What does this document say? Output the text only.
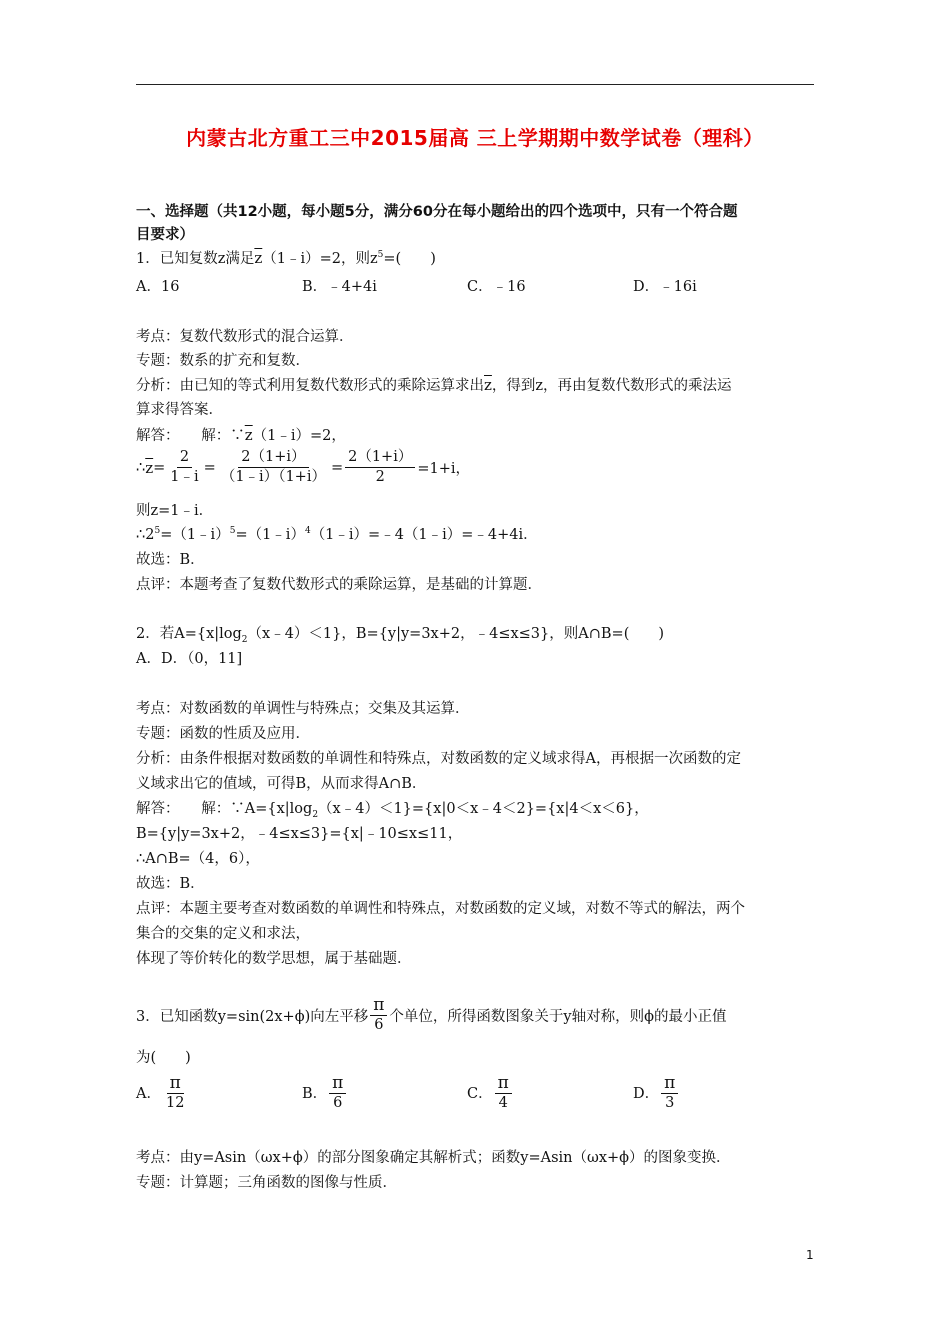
内蒙古北方重工三中2015届高 三上学期期中数学试卷（理科）
一、选择题（共12小题，每小题5分，满分60分在每小题给出的四个选项中，只有一个符合题
目要求）
1．已知复数z满足$\overline{z}(1﹣i)=2$，则$z^5=$(　　)
A．16	B．﹣4+4i	C．﹣16	D．﹣16i
考点：复数代数形式的混合运算．
专题：数系的扩充和复数．
分析：由已知的等式利用复数代数形式的乘除运算求出$\overline{z}$，得到z，再由复数代数形式的乘法运
算求得答案．
解答：　　解：$\because\overline{z}(1﹣i)=2$，
∴ $\overline{z} = \frac{2}{1﹣i} = \frac{2(1+i)}{(1﹣i)(1+i)} = \frac{2(1+i)}{2} =1+i$，
则z=1﹣i．
$\therefore 2^5=(1﹣i)^5=(1﹣i)^4(1﹣i)=﹣4(1﹣i)=﹣4+4i$．
故选：B．
点评：本题考查了复数代数形式的乘除运算，是基础的计算题．
2．若$A=\{x|\log_2(x﹣4)<1\}$，B={y|y=3x+2，﹣4≤x≤3}，则A∩B=(　　)
A．D．（0，11]
考点：对数函数的单调性与特殊点；交集及其运算．
专题：函数的性质及应用．
分析：由条件根据对数函数的单调性和特殊点，对数函数的定义域求得A，再根据一次函数的定
义域求出它的值域，可得B，从而求得A∩B．
解答：　　解：$\because A=\{x|\log_2(x﹣4)<1\}=\{x|0<x﹣4<2\}=\{x|4<x<6\}$，
B={y|y=3x+2，﹣4≤x≤3}={x|﹣10≤x≤11，
∴A∩B=（4，6），
故选：B．
点评：本题主要考查对数函数的单调性和特殊点，对数函数的定义域，对数不等式的解法，两个
集合的交集的定义和求法，
体现了等价转化的数学思想，属于基础题．
3．已知函数y=sin(2x+ϕ)向左平移 $\frac{\pi}{6}$ 个单位，所得函数图象关于y轴对称，则ϕ的最小正值
为(　　)
A． $\frac{\pi}{12}$	B． $\frac{\pi}{6}$	C． $\frac{\pi}{4}$	D． $\frac{\pi}{3}$
考点：由y=Asin（ωx+ϕ）的部分图象确定其解析式；函数y=Asin（ωx+ϕ）的图象变换．
专题：计算题；三角函数的图像与性质．
1
